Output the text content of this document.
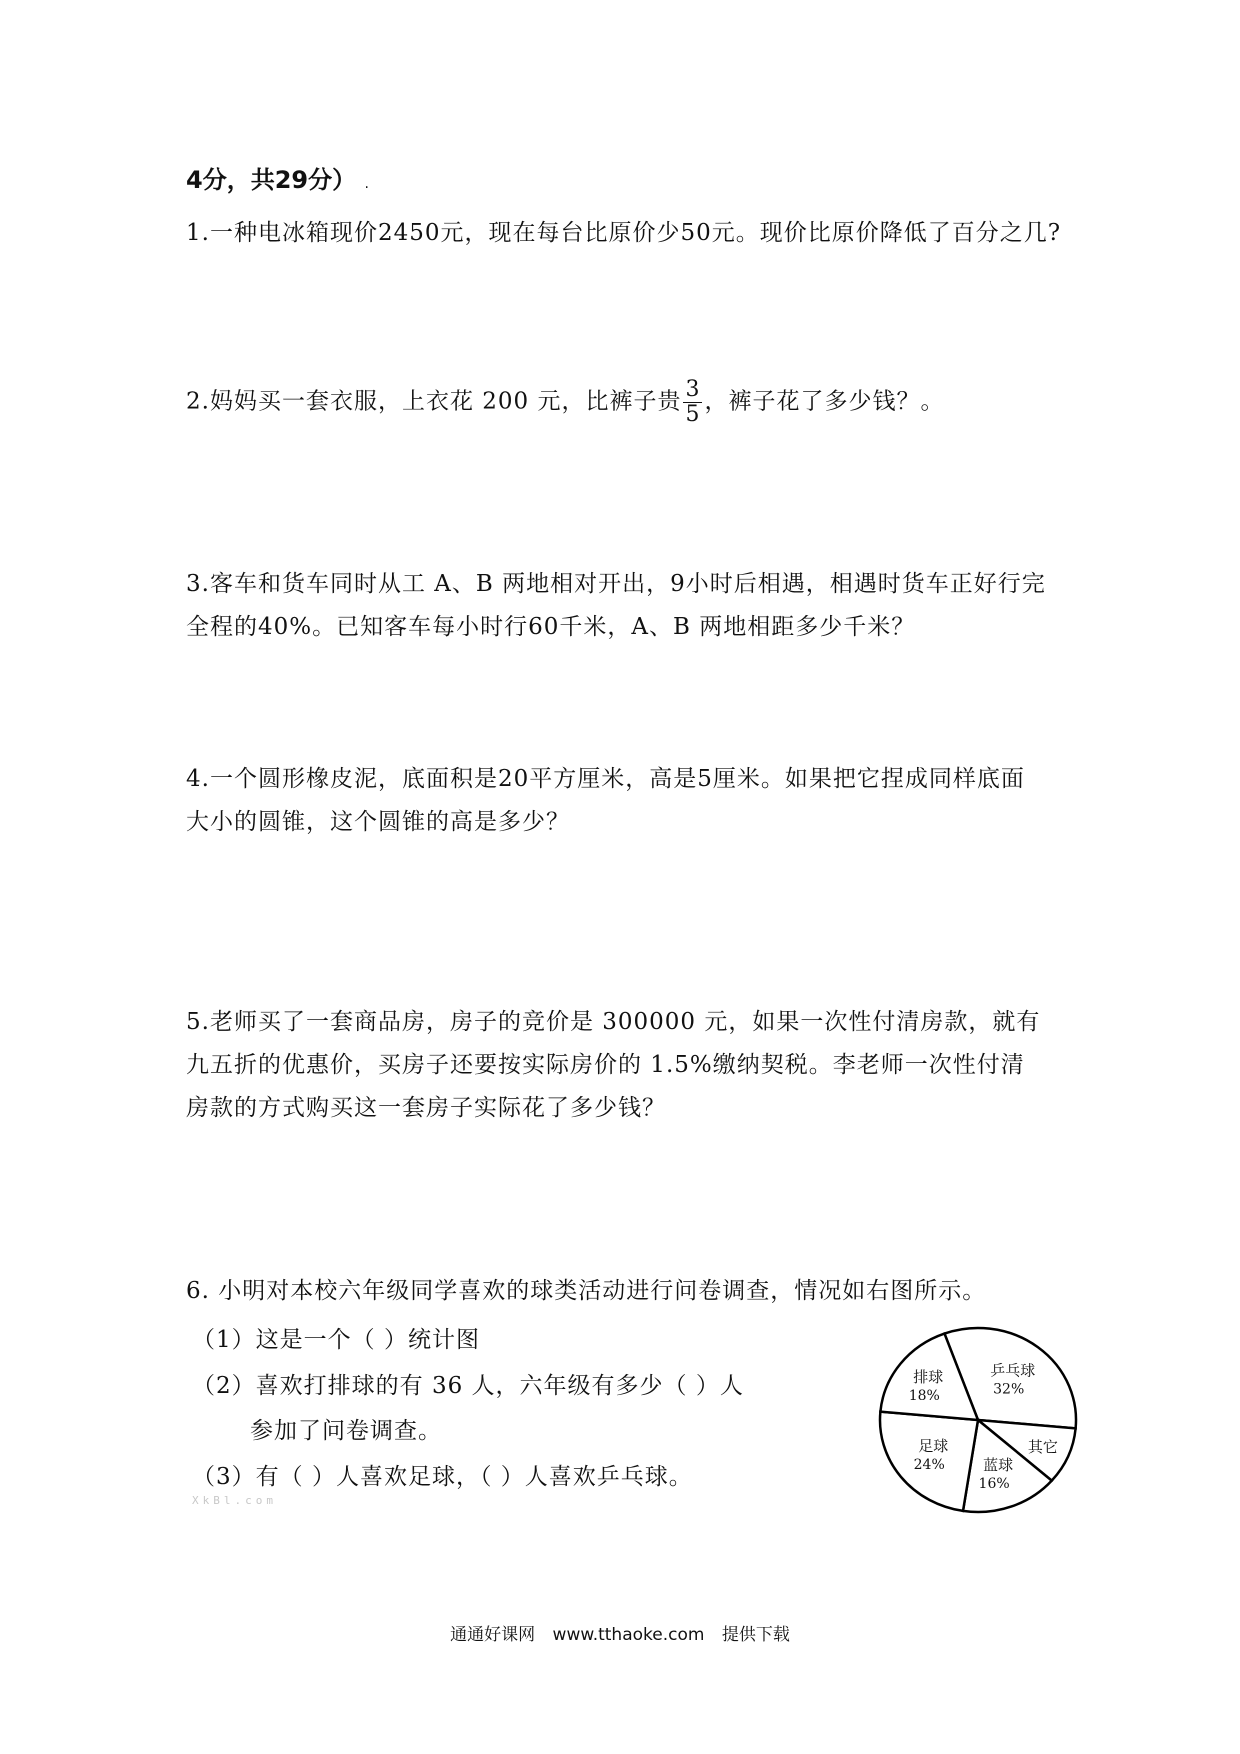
4分，共29分） .
1.一种电冰箱现价2450元，现在每台比原价少50元。现价比原价降低了百分之几?
2.妈妈买一套衣服，上衣花 200 元，比裤子贵 $\frac{3}{5}$ ，裤子花了多少钱？。
3.客车和货车同时从工 A、B 两地相对开出，9小时后相遇，相遇时货车正好行完
全程的40%。已知客车每小时行60千米，A、B 两地相距多少千米？
4.一个圆形橡皮泥，底面积是20平方厘米，高是5厘米。如果把它捏成同样底面
大小的圆锥，这个圆锥的高是多少？
5.老师买了一套商品房，房子的竞价是 300000 元，如果一次性付清房款，就有
九五折的优惠价，买房子还要按实际房价的 1.5%缴纳契税。李老师一次性付清
房款的方式购买这一套房子实际花了多少钱？
6. 小明对本校六年级同学喜欢的球类活动进行问卷调查，情况如右图所示。
（1）这是一个（ ）统计图
（2）喜欢打排球的有 36 人，六年级有多少（ ）人
参加了问卷调查。
（3）有（ ）人喜欢足球，（ ）人喜欢乒乓球。
XkBl.com
乒乓球
32%
其它
蓝球
16%
足球
24%
排球
18%
通通好课网 www.tthaoke.com 提供下载
